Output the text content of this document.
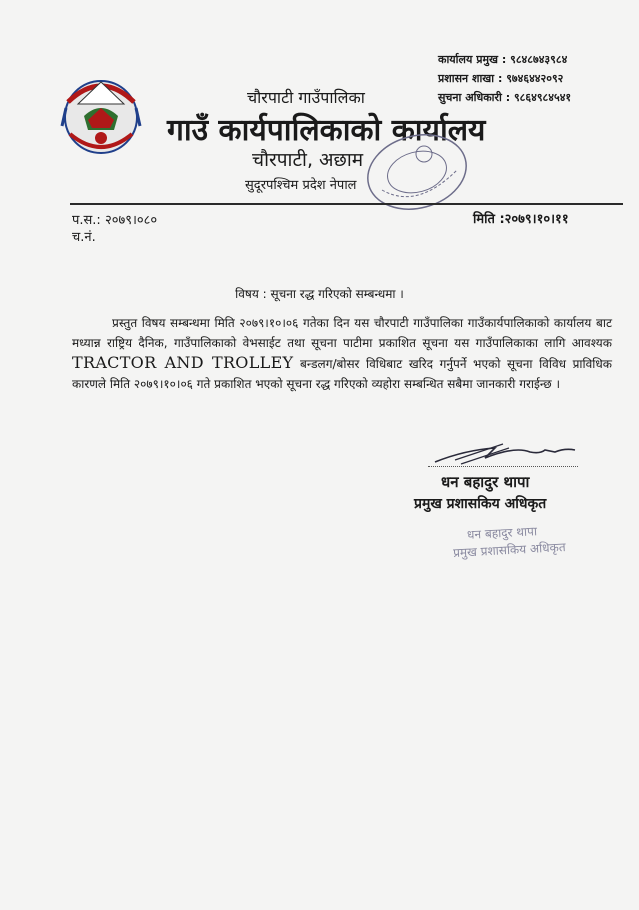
कार्यालय प्रमुख : ९८४८७४३९८४
प्रशासन शाखा : ९७४६४४२०९२
सुचना अधिकारी : ९८६४९८४५४१
चौरपाटी गाउँपालिका
गाउँ कार्यपालिकाको कार्यालय
चौरपाटी, अछाम
सुदूरपश्चिम प्रदेश नेपाल
प.स.: २०७९।०८०
च.नं.
मिति :२०७९।१०।११
विषय : सूचना रद्ध गरिएको सम्बन्धमा ।
प्रस्तुत विषय सम्बन्धमा मिति २०७९।१०।०६ गतेका दिन यस चौरपाटी गाउँपालिका गाउँकार्यपालिकाको कार्यालय बाट मध्यान्न राष्ट्रिय दैनिक, गाउँपालिकाको वेभसाईट तथा सूचना पाटीमा प्रकाशित सूचना यस गाउँपालिकाका लागि आवश्यक TRACTOR AND TROLLEY बन्डलग/बोसर विधिबाट खरिद गर्नुपर्ने भएको सूचना विविध प्राविधिक कारणले मिति २०७९।१०।०६ गते प्रकाशित भएको सूचना रद्ध गरिएको व्यहोरा सम्बन्धित सबैमा जानकारी गराईन्छ ।
धन बहादुर थापा
प्रमुख प्रशासकिय अधिकृत
धन बहादुर थापा
प्रमुख प्रशासकिय अधिकृत
